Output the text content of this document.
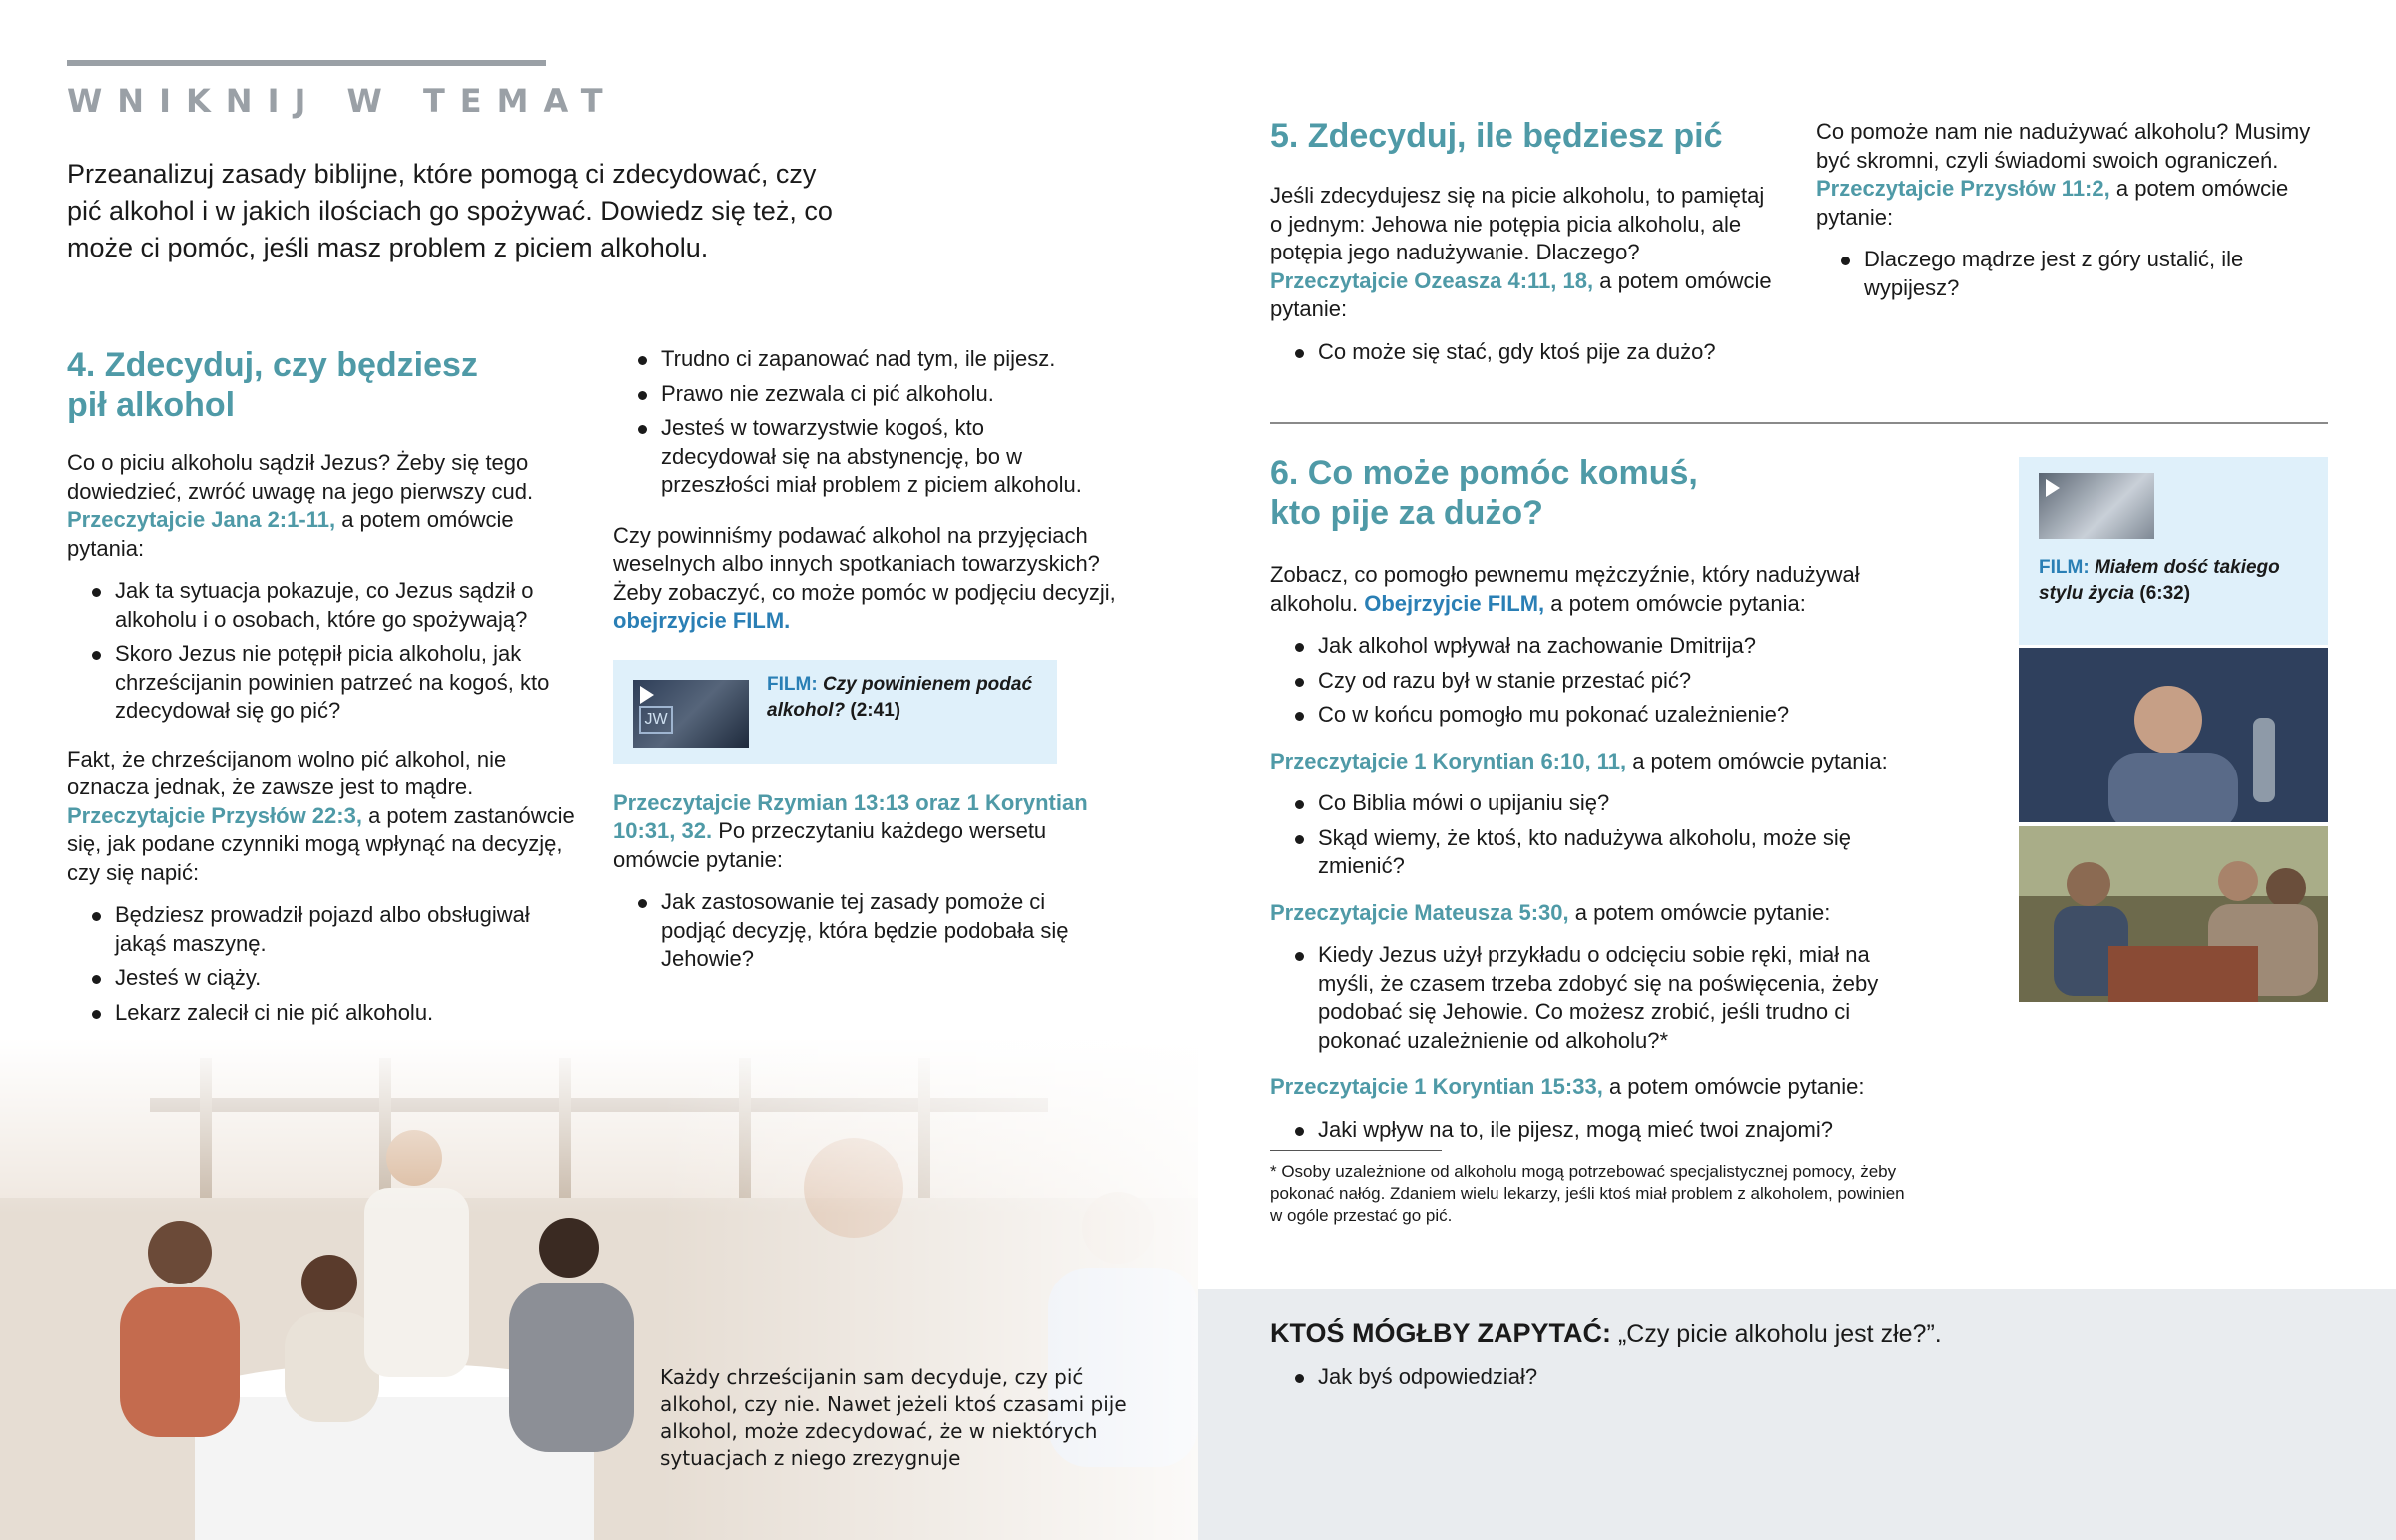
WNIKNIJ W TEMAT

Przeanalizuj zasady biblijne, które pomogą ci zdecydować, czy pić alkohol i w jakich ilościach go spożywać. Dowiedz się też, co może ci pomóc, jeśli masz problem z piciem alkoholu.

4. Zdecyduj, czy będziesz pił alkohol

Co o piciu alkoholu sądził Jezus? Żeby się tego dowiedzieć, zwróć uwagę na jego pierwszy cud. Przeczytajcie Jana 2:1-11, a potem omówcie pytania:

Jak ta sytuacja pokazuje, co Jezus sądził o alkoholu i o osobach, które go spożywają?
Skoro Jezus nie potępił picia alkoholu, jak chrześcijanin powinien patrzeć na kogoś, kto zdecydował się go pić?

Fakt, że chrześcijanom wolno pić alkohol, nie oznacza jednak, że zawsze jest to mądre. Przeczytajcie Przysłów 22:3, a potem zastanówcie się, jak podane czynniki mogą wpłynąć na decyzję, czy się napić:

Będziesz prowadził pojazd albo obsługiwał jakąś maszynę.
Jesteś w ciąży.
Lekarz zalecił ci nie pić alkoholu.
Trudno ci zapanować nad tym, ile pijesz.
Prawo nie zezwala ci pić alkoholu.
Jesteś w towarzystwie kogoś, kto zdecydował się na abstynencję, bo w przeszłości miał problem z piciem alkoholu.

Czy powinniśmy podawać alkohol na przyjęciach weselnych albo innych spotkaniach towarzyskich? Żeby zobaczyć, co może pomóc w podjęciu decyzji, obejrzyjcie FILM.

JW
FILM: Czy powinienem podać alkohol? (2:41)

Przeczytajcie Rzymian 13:13 oraz 1 Koryntian 10:31, 32. Po przeczytaniu każdego wersetu omówcie pytanie:

Jak zastosowanie tej zasady pomoże ci podjąć decyzję, która będzie podobała się Jehowie?

Każdy chrześcijanin sam decyduje, czy pić alkohol, czy nie. Nawet jeżeli ktoś czasami pije alkohol, może zdecydować, że w niektórych sytuacjach z niego zrezygnuje

5. Zdecyduj, ile będziesz pić

Jeśli zdecydujesz się na picie alkoholu, to pamiętaj o jednym: Jehowa nie potępia picia alkoholu, ale potępia jego nadużywanie. Dlaczego? Przeczytajcie Ozeasza 4:11, 18, a potem omówcie pytanie:

Co może się stać, gdy ktoś pije za dużo?

Co pomoże nam nie nadużywać alkoholu? Musimy być skromni, czyli świadomi swoich ograniczeń. Przeczytajcie Przysłów 11:2, a potem omówcie pytanie:

Dlaczego mądrze jest z góry ustalić, ile wypijesz?
6. Co może pomóc komuś, kto pije za dużo?

Zobacz, co pomogło pewnemu mężczyźnie, który nadużywał alkoholu. Obejrzyjcie FILM, a potem omówcie pytania:

Jak alkohol wpływał na zachowanie Dmitrija?
Czy od razu był w stanie przestać pić?
Co w końcu pomogło mu pokonać uzależnienie?

Przeczytajcie 1 Koryntian 6:10, 11, a potem omówcie pytania:

Co Biblia mówi o upijaniu się?
Skąd wiemy, że ktoś, kto nadużywa alkoholu, może się zmienić?

Przeczytajcie Mateusza 5:30, a potem omówcie pytanie:

Kiedy Jezus użył przykładu o odcięciu sobie ręki, miał na myśli, że czasem trzeba zdobyć się na poświęcenia, żeby podobać się Jehowie. Co możesz zrobić, jeśli trudno ci pokonać uzależnienie od alkoholu?*

Przeczytajcie 1 Koryntian 15:33, a potem omówcie pytanie:

Jaki wpływ na to, ile pijesz, mogą mieć twoi znajomi?

* Osoby uzależnione od alkoholu mogą potrzebować specjalistycznej pomocy, żeby pokonać nałóg. Zdaniem wielu lekarzy, jeśli ktoś miał problem z alkoholem, powinien w ogóle przestać go pić.

FILM: Miałem dość takiego stylu życia (6:32)

KTOŚ MÓGŁBY ZAPYTAĆ: „Czy picie alkoholu jest złe?”.

Jak byś odpowiedział?
